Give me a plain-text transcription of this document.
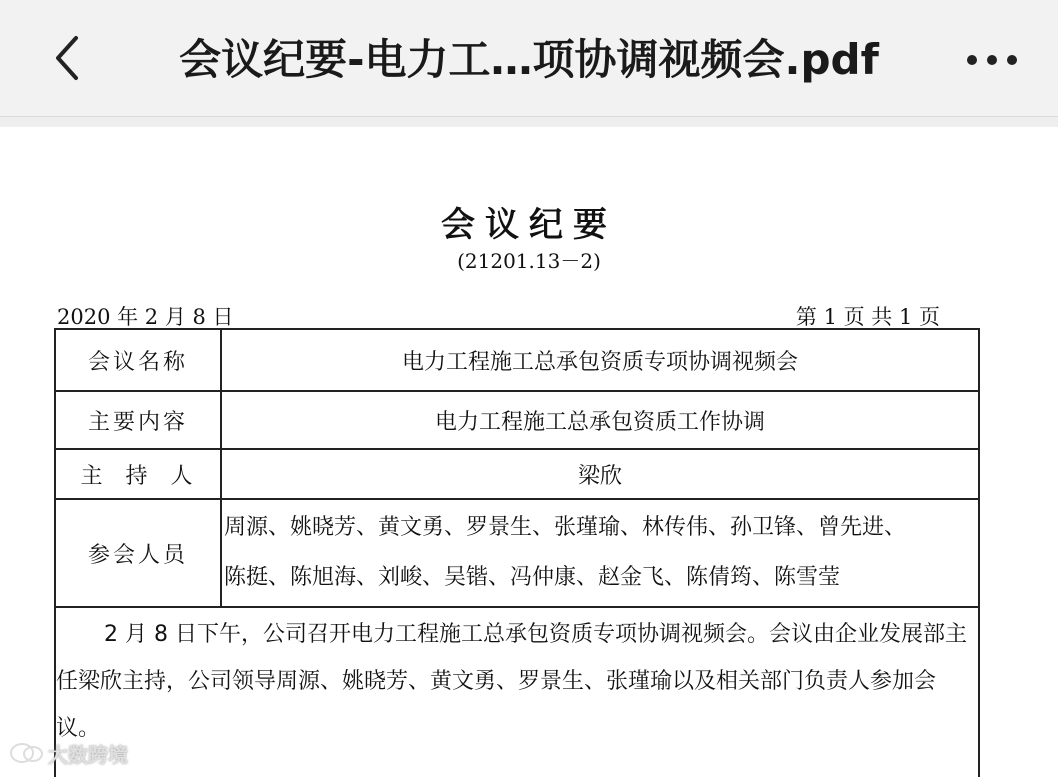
会议纪要-电力工…项协调视频会.pdf
会议纪要
(21201.13－2)
2020 年 2 月 8 日	第 1 页 共 1 页
会议名称	电力工程施工总承包资质专项协调视频会
主要内容	电力工程施工总承包资质工作协调
主  持  人	梁欣
参会人员	周源、姚晓芳、黄文勇、罗景生、张瑾瑜、林传伟、孙卫锋、曾先进、
陈挺、陈旭海、刘峻、吴锴、冯仲康、赵金飞、陈倩筠、陈雪莹
2 月 8 日下午，公司召开电力工程施工总承包资质专项协调视频会。会议由企业发展部主任梁欣主持，公司领导周源、姚晓芳、黄文勇、罗景生、张瑾瑜以及相关部门负责人参加会议。
大数跨境
